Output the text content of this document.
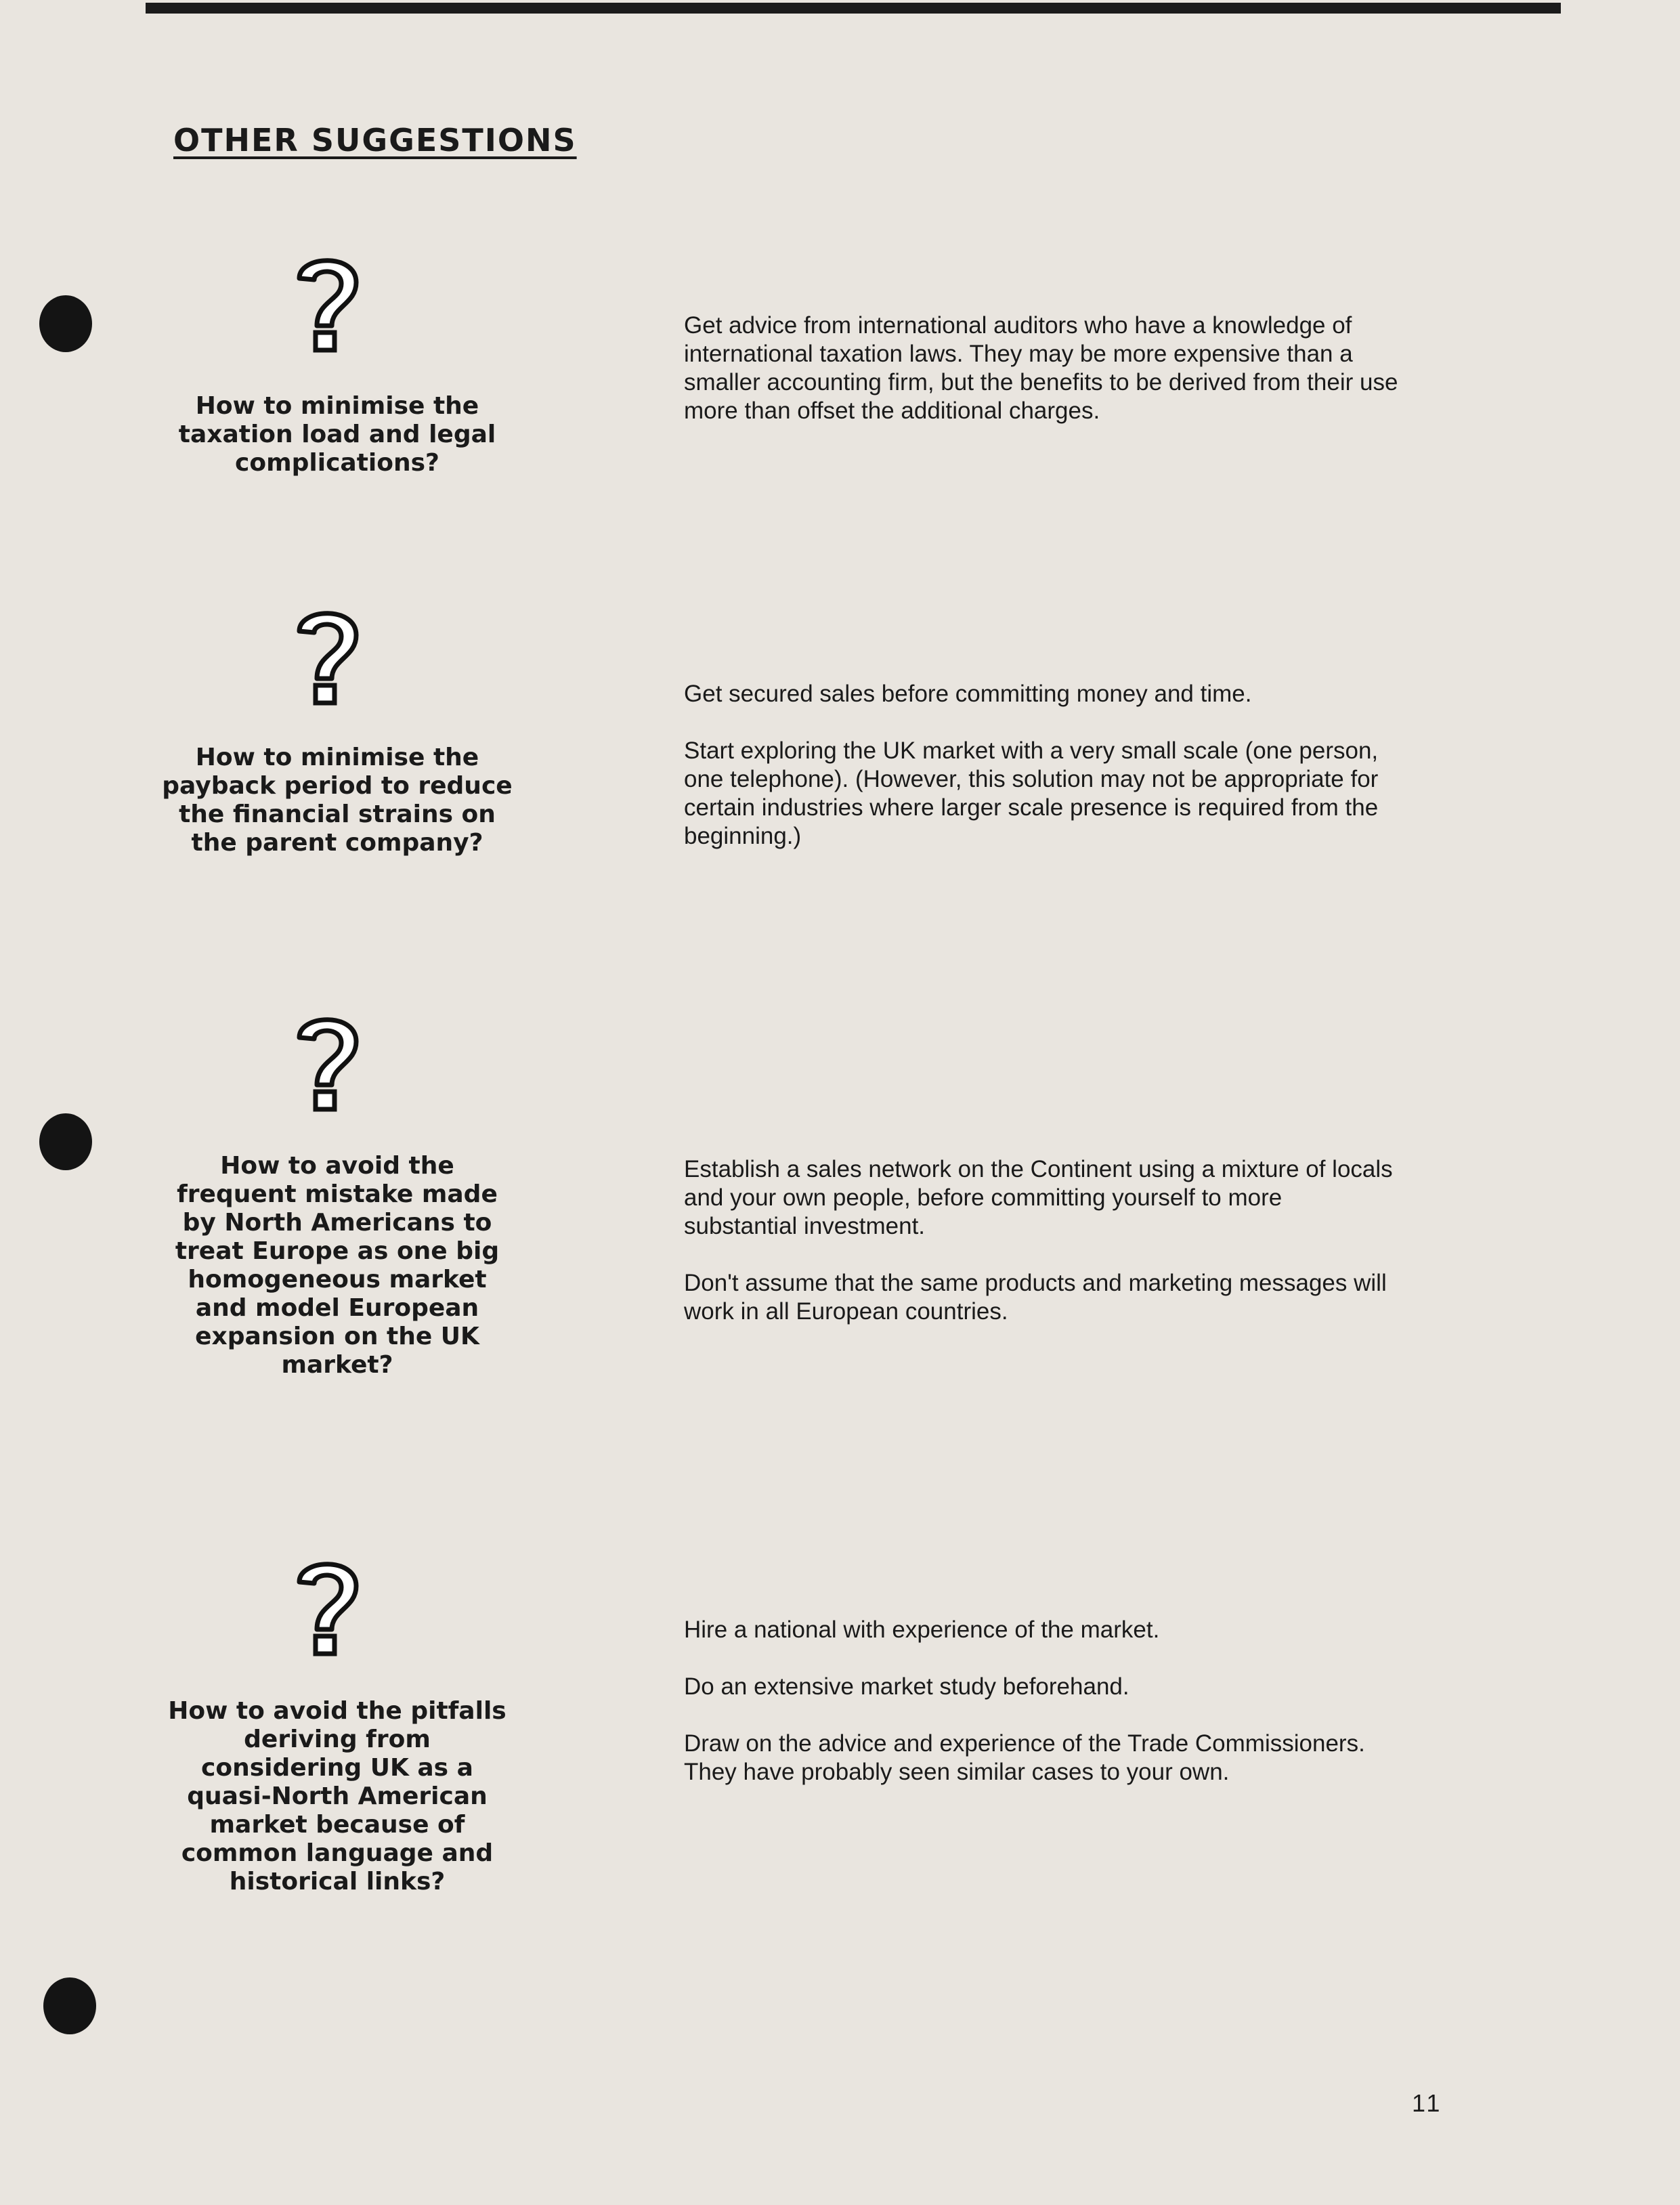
OTHER SUGGESTIONS

How to minimise the taxation load and legal complications?

Get advice from international auditors who have a knowledge of international taxation laws. They may be more expensive than a smaller accounting firm, but the benefits to be derived from their use more than offset the additional charges.

How to minimise the payback period to reduce the financial strains on the parent company?

Get secured sales before committing money and time.

Start exploring the UK market with a very small scale (one person, one telephone). (However, this solution may not be appropriate for certain industries where larger scale presence is required from the beginning.)

How to avoid the frequent mistake made by North Americans to treat Europe as one big homogeneous market and model European expansion on the UK market?

Establish a sales network on the Continent using a mixture of locals and your own people, before committing yourself to more substantial investment.

Don't assume that the same products and marketing messages will work in all European countries.

How to avoid the pitfalls deriving from considering UK as a quasi-North American market because of common language and historical links?

Hire a national with experience of the market.

Do an extensive market study beforehand.

Draw on the advice and experience of the Trade Commissioners. They have probably seen similar cases to your own.

11
